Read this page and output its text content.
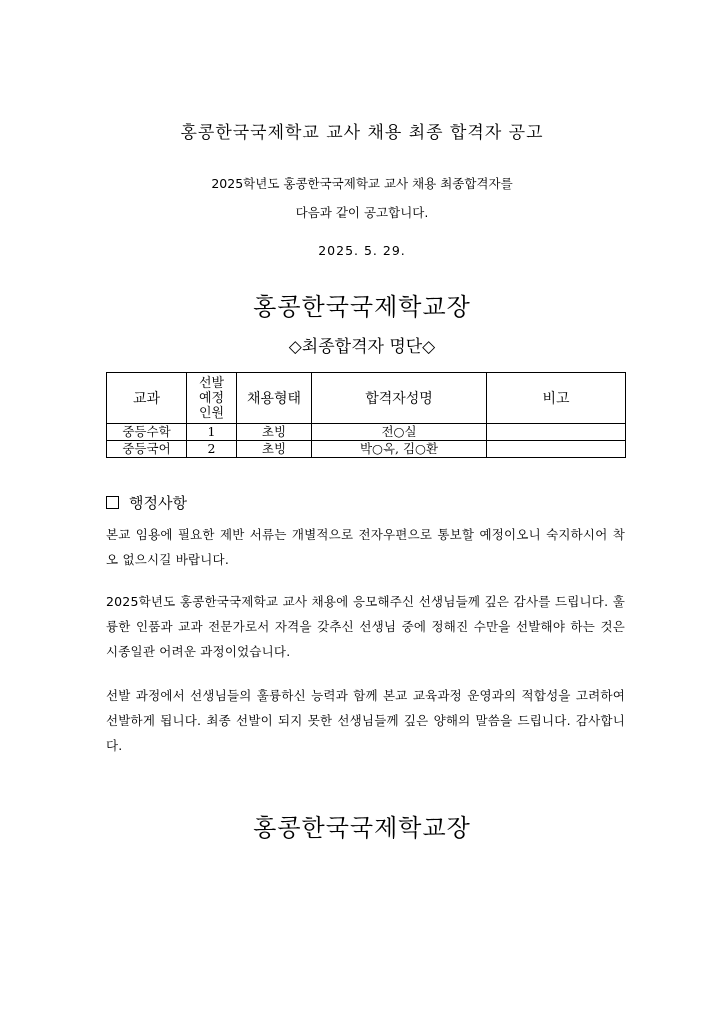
홍콩한국국제학교 교사 채용 최종 합격자 공고
2025학년도 홍콩한국국제학교 교사 채용 최종합격자를
다음과 같이 공고합니다.
2025. 5. 29.
홍콩한국국제학교장
◇최종합격자 명단◇
교과	선발
예정
인원	채용형태	합격자성명	비고
중등수학	1	초빙	전○실	
중등국어	2	초빙	박○옥, 김○환	
행정사항
본교 임용에 필요한 제반 서류는 개별적으로 전자우편으로 통보할 예정이오니 숙지하시어 착오 없으시길 바랍니다.
2025학년도 홍콩한국국제학교 교사 채용에 응모해주신 선생님들께 깊은 감사를 드립니다. 훌륭한 인품과 교과 전문가로서 자격을 갖추신 선생님 중에 정해진 수만을 선발해야 하는 것은 시종일관 어려운 과정이었습니다.
선발 과정에서 선생님들의 훌륭하신 능력과 함께 본교 교육과정 운영과의 적합성을 고려하여 선발하게 됩니다. 최종 선발이 되지 못한 선생님들께 깊은 양해의 말씀을 드립니다. 감사합니다.
홍콩한국국제학교장
